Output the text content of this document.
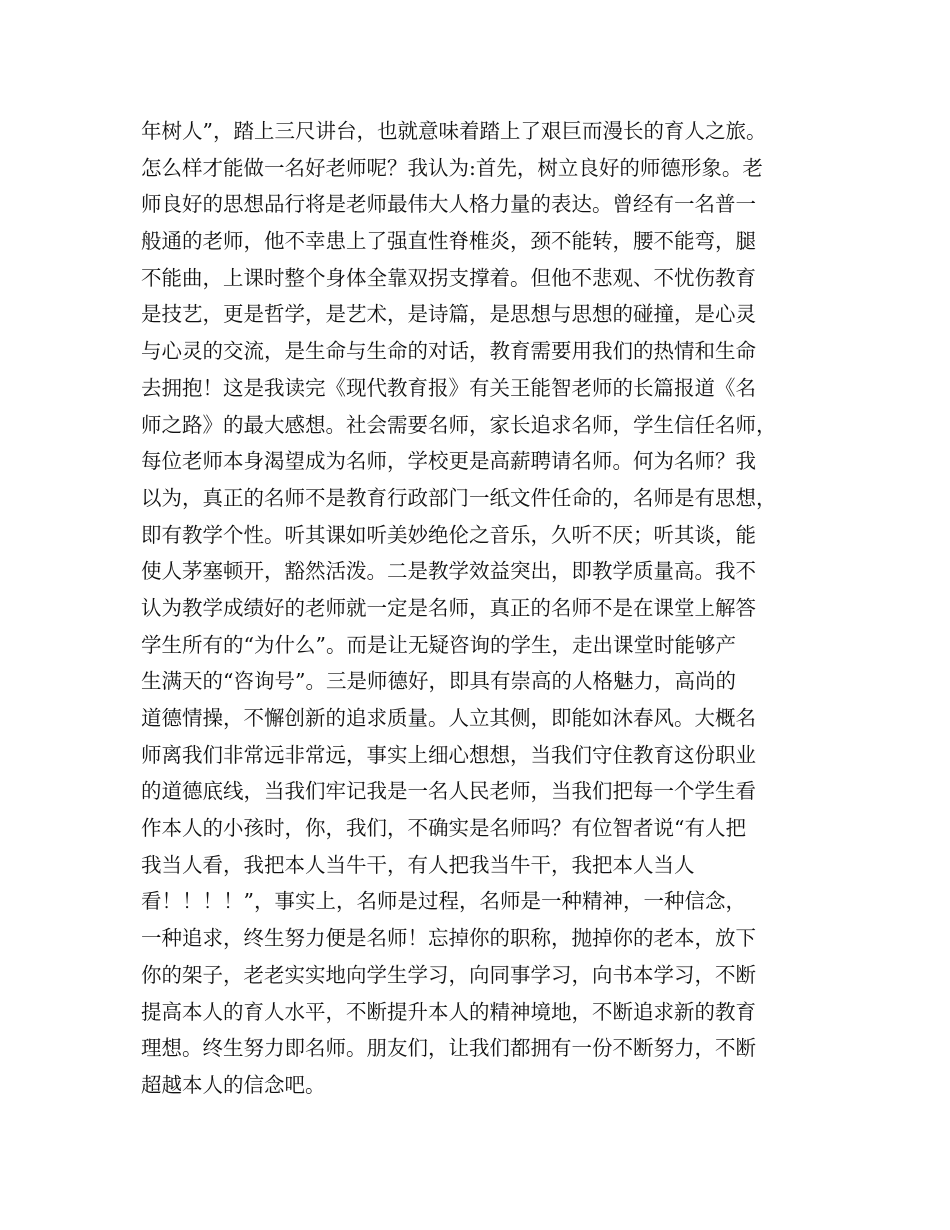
年树人”，踏上三尺讲台，也就意味着踏上了艰巨而漫长的育人之旅。
怎么样才能做一名好老师呢？我认为:首先，树立良好的师德形象。老
师良好的思想品行将是老师最伟大人格力量的表达。曾经有一名普一
般通的老师，他不幸患上了强直性脊椎炎，颈不能转，腰不能弯，腿
不能曲，上课时整个身体全靠双拐支撑着。但他不悲观、不忧伤教育
是技艺，更是哲学，是艺术，是诗篇，是思想与思想的碰撞，是心灵
与心灵的交流，是生命与生命的对话，教育需要用我们的热情和生命
去拥抱！这是我读完《现代教育报》有关王能智老师的长篇报道《名
师之路》的最大感想。社会需要名师，家长追求名师，学生信任名师，
每位老师本身渴望成为名师，学校更是高薪聘请名师。何为名师？我
以为，真正的名师不是教育行政部门一纸文件任命的，名师是有思想，
即有教学个性。听其课如听美妙绝伦之音乐，久听不厌；听其谈，能
使人茅塞顿开，豁然活泼。二是教学效益突出，即教学质量高。我不
认为教学成绩好的老师就一定是名师，真正的名师不是在课堂上解答
学生所有的“为什么”。而是让无疑咨询的学生，走出课堂时能够产
生满天的“咨询号”。三是师德好，即具有崇高的人格魅力，高尚的
道德情操，不懈创新的追求质量。人立其侧，即能如沐春风。大概名
师离我们非常远非常远，事实上细心想想，当我们守住教育这份职业
的道德底线，当我们牢记我是一名人民老师，当我们把每一个学生看
作本人的小孩时，你，我们，不确实是名师吗？有位智者说“有人把
我当人看，我把本人当牛干，有人把我当牛干，我把本人当人
看！！！！”，事实上，名师是过程，名师是一种精神，一种信念，
一种追求，终生努力便是名师！忘掉你的职称，抛掉你的老本，放下
你的架子，老老实实地向学生学习，向同事学习，向书本学习，不断
提高本人的育人水平，不断提升本人的精神境地，不断追求新的教育
理想。终生努力即名师。朋友们，让我们都拥有一份不断努力，不断
超越本人的信念吧。
